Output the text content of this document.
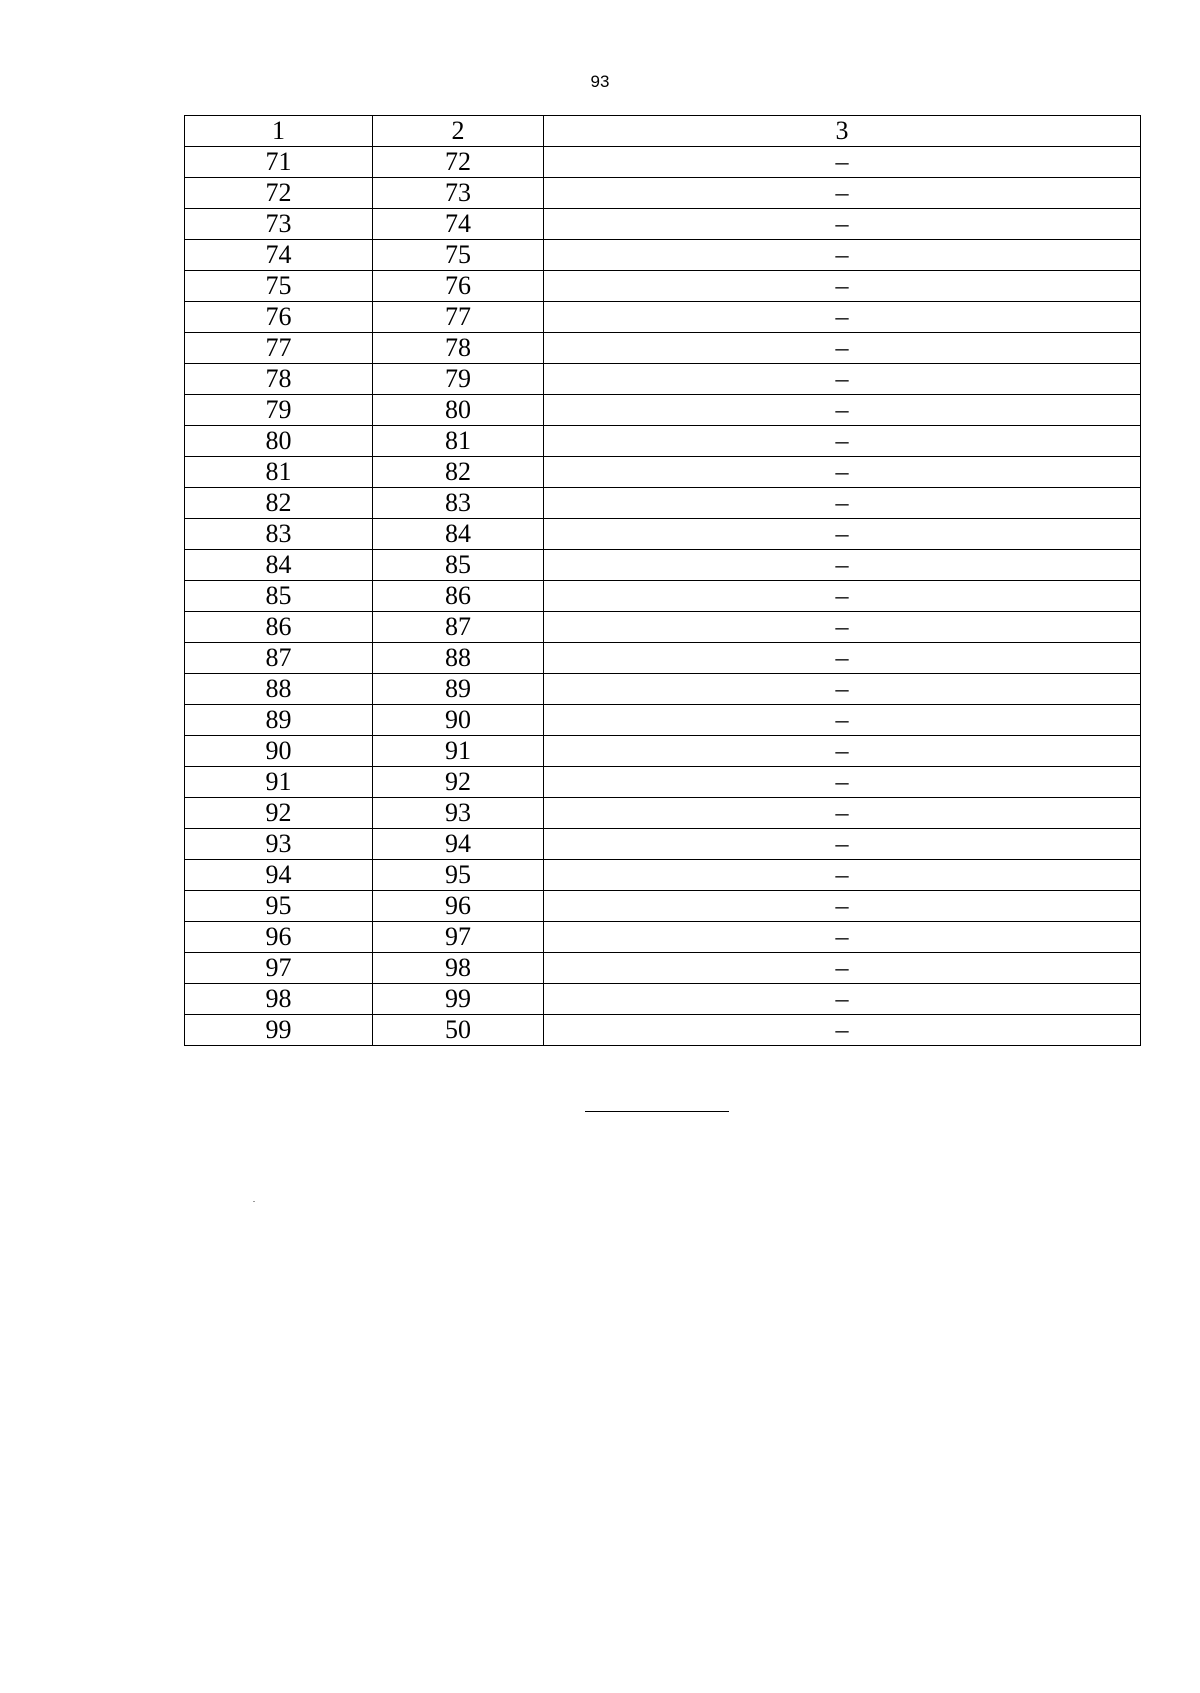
93
1	2	3
71	72	–
72	73	–
73	74	–
74	75	–
75	76	–
76	77	–
77	78	–
78	79	–
79	80	–
80	81	–
81	82	–
82	83	–
83	84	–
84	85	–
85	86	–
86	87	–
87	88	–
88	89	–
89	90	–
90	91	–
91	92	–
92	93	–
93	94	–
94	95	–
95	96	–
96	97	–
97	98	–
98	99	–
99	50	–
